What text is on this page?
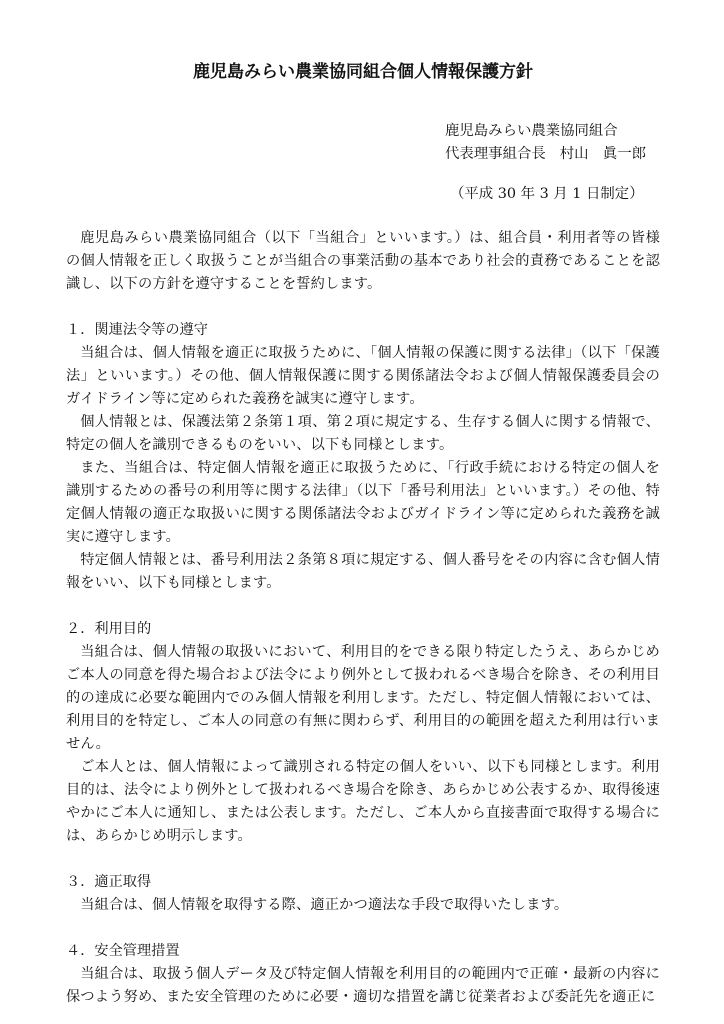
鹿児島みらい農業協同組合個人情報保護方針
鹿児島みらい農業協同組合
代表理事組合長 村山　眞一郎
（平成 30 年 3 月 1 日制定）

鹿児島みらい農業協同組合（以下「当組合」といいます。）は、組合員・利用者等の皆様の個人情報を正しく取扱うことが当組合の事業活動の基本であり社会的責務であることを認識し、以下の方針を遵守することを誓約します。

１．関連法令等の遵守

当組合は、個人情報を適正に取扱うために、「個人情報の保護に関する法律」（以下「保護法」といいます。）その他、個人情報保護に関する関係諸法令および個人情報保護委員会のガイドライン等に定められた義務を誠実に遵守します。

個人情報とは、保護法第２条第１項、第２項に規定する、生存する個人に関する情報で、特定の個人を識別できるものをいい、以下も同様とします。

また、当組合は、特定個人情報を適正に取扱うために、「行政手続における特定の個人を識別するための番号の利用等に関する法律」（以下「番号利用法」といいます。）その他、特定個人情報の適正な取扱いに関する関係諸法令およびガイドライン等に定められた義務を誠実に遵守します。

特定個人情報とは、番号利用法２条第８項に規定する、個人番号をその内容に含む個人情報をいい、以下も同様とします。

２．利用目的

当組合は、個人情報の取扱いにおいて、利用目的をできる限り特定したうえ、あらかじめご本人の同意を得た場合および法令により例外として扱われるべき場合を除き、その利用目的の達成に必要な範囲内でのみ個人情報を利用します。ただし、特定個人情報においては、利用目的を特定し、ご本人の同意の有無に関わらず、利用目的の範囲を超えた利用は行いません。

ご本人とは、個人情報によって識別される特定の個人をいい、以下も同様とします。利用目的は、法令により例外として扱われるべき場合を除き、あらかじめ公表するか、取得後速やかにご本人に通知し、または公表します。ただし、ご本人から直接書面で取得する場合には、あらかじめ明示します。

３．適正取得

当組合は、個人情報を取得する際、適正かつ適法な手段で取得いたします。

４．安全管理措置

当組合は、取扱う個人データ及び特定個人情報を利用目的の範囲内で正確・最新の内容に保つよう努め、また安全管理のために必要・適切な措置を講じ従業者および委託先を適正に
